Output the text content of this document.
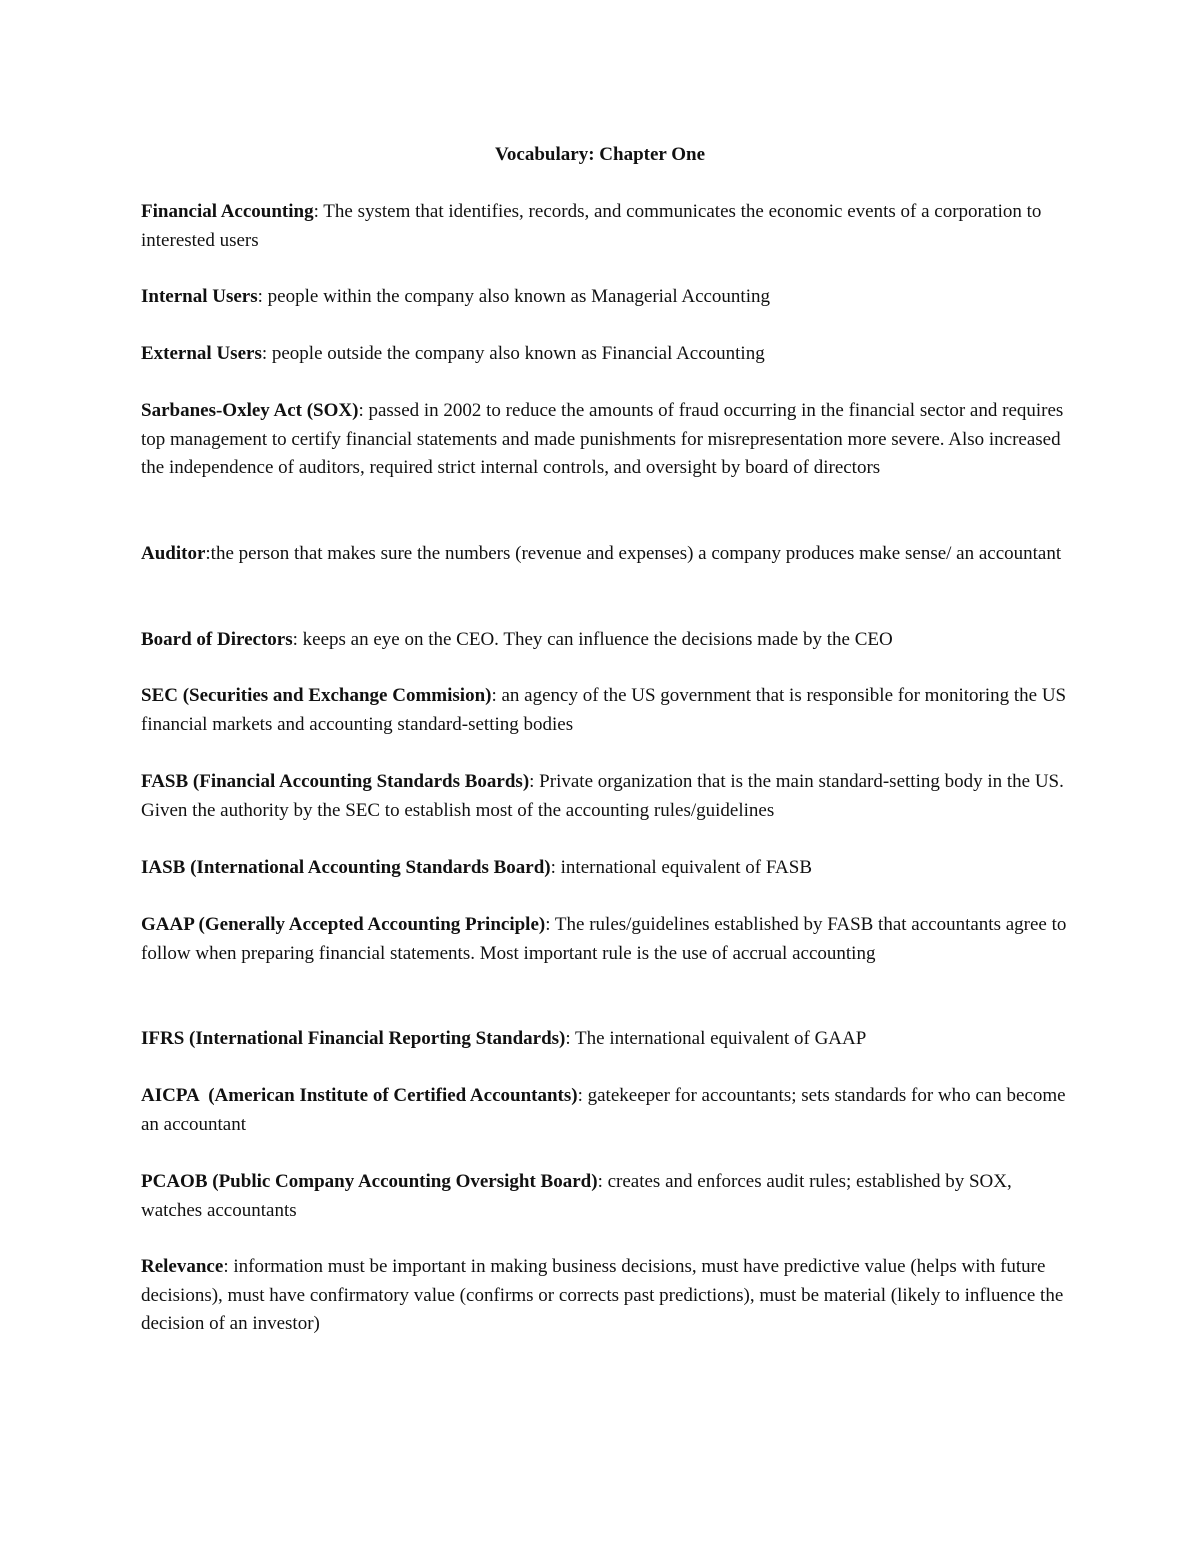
Vocabulary: Chapter One

Financial Accounting: The system that identifies, records, and communicates the economic events of a corporation to interested users

Internal Users: people within the company also known as Managerial Accounting

External Users: people outside the company also known as Financial Accounting

Sarbanes-Oxley Act (SOX): passed in 2002 to reduce the amounts of fraud occurring in the financial sector and requires top management to certify financial statements and made punishments for misrepresentation more severe. Also increased the independence of auditors, required strict internal controls, and oversight by board of directors

Auditor:the person that makes sure the numbers (revenue and expenses) a company produces make sense/ an accountant

Board of Directors: keeps an eye on the CEO. They can influence the decisions made by the CEO

SEC (Securities and Exchange Commision): an agency of the US government that is responsible for monitoring the US financial markets and accounting standard-setting bodies

FASB (Financial Accounting Standards Boards): Private organization that is the main standard-setting body in the US. Given the authority by the SEC to establish most of the accounting rules/guidelines

IASB (International Accounting Standards Board): international equivalent of FASB

GAAP (Generally Accepted Accounting Principle): The rules/guidelines established by FASB that accountants agree to follow when preparing financial statements. Most important rule is the use of accrual accounting

IFRS (International Financial Reporting Standards): The international equivalent of GAAP

AICPA  (American Institute of Certified Accountants): gatekeeper for accountants; sets standards for who can become an accountant

PCAOB (Public Company Accounting Oversight Board): creates and enforces audit rules; established by SOX, watches accountants

Relevance: information must be important in making business decisions, must have predictive value (helps with future decisions), must have confirmatory value (confirms or corrects past predictions), must be material (likely to influence the decision of an investor)
